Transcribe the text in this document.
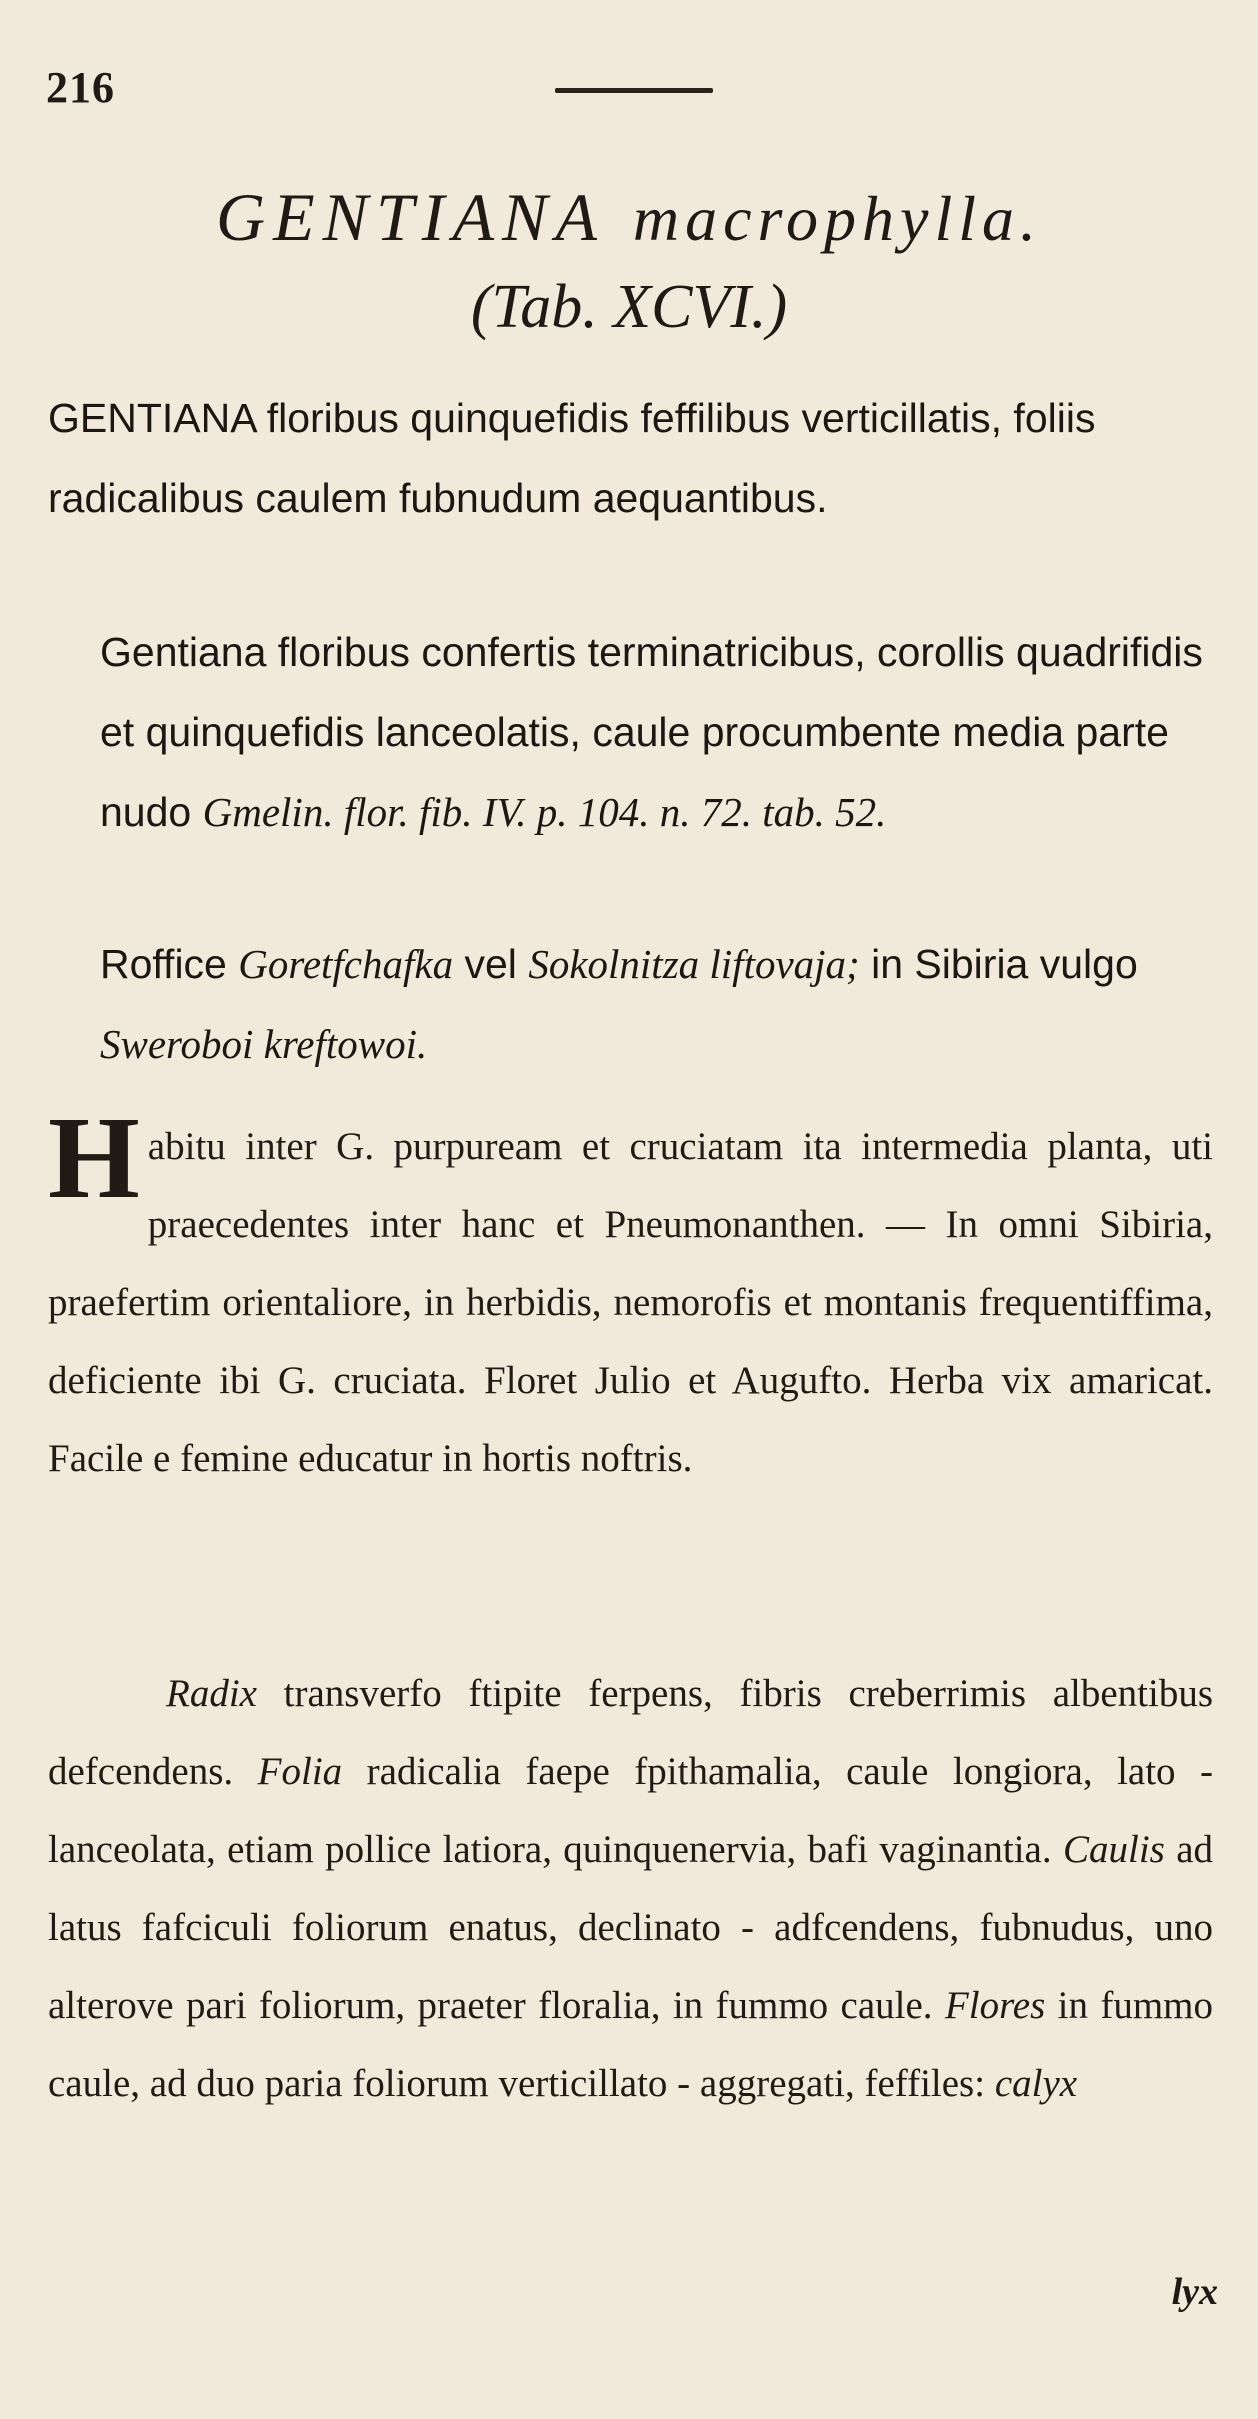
216
GENTIANA macrophylla.
(Tab. XCVI.)

GENTIANA floribus quinquefidis feffilibus verticillatis, foliis radicalibus caulem fubnudum aequantibus.

Gentiana floribus confertis terminatricibus, corollis quadrifidis et quinquefidis lanceolatis, caule procumbente media parte nudo Gmelin. flor. fib. IV. p. 104. n. 72. tab. 52.

Roffice Goretfchafka vel Sokolnitza liftovaja; in Sibiria vulgo Sweroboi kreftowoi.

Habitu inter G. purpuream et cruciatam ita intermedia planta, uti praecedentes inter hanc et Pneumonanthen. — In omni Sibiria, praefertim orientaliore, in herbidis, nemorofis et montanis frequentiffima, deficiente ibi G. cruciata. Floret Julio et Augufto. Herba vix amaricat. Facile e femine educatur in hortis noftris.

Radix transverfo ftipite ferpens, fibris creberrimis albentibus defcendens. Folia radicalia faepe fpithamalia, caule longiora, lato - lanceolata, etiam pollice latiora, quinquenervia, bafi vaginantia. Caulis ad latus fafciculi foliorum enatus, declinato - adfcendens, fubnudus, uno alterove pari foliorum, praeter floralia, in fummo caule. Flores in fummo caule, ad duo paria foliorum verticillato - aggregati, feffiles: calyx

lyx
